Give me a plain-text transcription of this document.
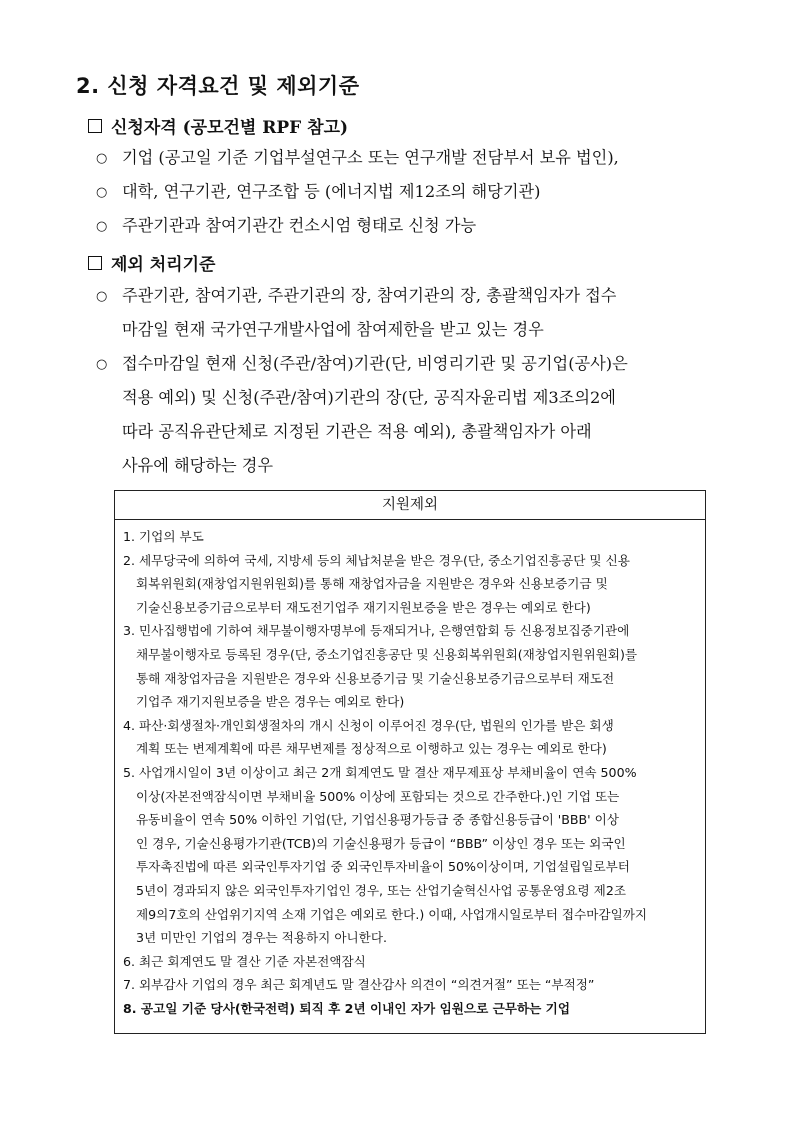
2. 신청 자격요건 및 제외기준
신청자격 (공모건별 RPF 참고)
○ 기업 (공고일 기준 기업부설연구소 또는 연구개발 전담부서 보유 법인),
○ 대학, 연구기관, 연구조합 등 (에너지법 제12조의 해당기관)
○ 주관기관과 참여기관간 컨소시엄 형태로 신청 가능
제외 처리기준
○ 주관기관, 참여기관, 주관기관의 장, 참여기관의 장, 총괄책임자가 접수
마감일 현재 국가연구개발사업에 참여제한을 받고 있는 경우
○ 접수마감일 현재 신청(주관/참여)기관(단, 비영리기관 및 공기업(공사)은
적용 예외) 및 신청(주관/참여)기관의 장(단, 공직자윤리법 제3조의2에
따라 공직유관단체로 지정된 기관은 적용 예외), 총괄책임자가 아래
사유에 해당하는 경우
지원제외
1. 기업의 부도
2. 세무당국에 의하여 국세, 지방세 등의 체납처분을 받은 경우(단, 중소기업진흥공단 및 신용
회복위원회(재창업지원위원회)를 통해 재창업자금을 지원받은 경우와 신용보증기금 및
기술신용보증기금으로부터 재도전기업주 재기지원보증을 받은 경우는 예외로 한다)
3. 민사집행법에 기하여 채무불이행자명부에 등재되거나, 은행연합회 등 신용정보집중기관에
채무불이행자로 등록된 경우(단, 중소기업진흥공단 및 신용회복위원회(재창업지원위원회)를
통해 재창업자금을 지원받은 경우와 신용보증기금 및 기술신용보증기금으로부터 재도전
기업주 재기지원보증을 받은 경우는 예외로 한다)
4. 파산·회생절차·개인회생절차의 개시 신청이 이루어진 경우(단, 법원의 인가를 받은 회생
계획 또는 변제계획에 따른 채무변제를 정상적으로 이행하고 있는 경우는 예외로 한다)
5. 사업개시일이 3년 이상이고 최근 2개 회계연도 말 결산 재무제표상 부채비율이 연속 500%
이상(자본전액잠식이면 부채비율 500% 이상에 포함되는 것으로 간주한다.)인 기업 또는
유동비율이 연속 50% 이하인 기업(단, 기업신용평가등급 중 종합신용등급이 'BBB' 이상
인 경우, 기술신용평가기관(TCB)의 기술신용평가 등급이 “BBB” 이상인 경우 또는 외국인
투자촉진법에 따른 외국인투자기업 중 외국인투자비율이 50%이상이며, 기업설립일로부터
5년이 경과되지 않은 외국인투자기업인 경우, 또는 산업기술혁신사업 공통운영요령 제2조
제9의7호의 산업위기지역 소재 기업은 예외로 한다.) 이때, 사업개시일로부터 접수마감일까지
3년 미만인 기업의 경우는 적용하지 아니한다.
6. 최근 회계연도 말 결산 기준 자본전액잠식
7. 외부감사 기업의 경우 최근 회계년도 말 결산감사 의견이 “의견거절” 또는 “부적정”
8. 공고일 기준 당사(한국전력) 퇴직 후 2년 이내인 자가 임원으로 근무하는 기업
